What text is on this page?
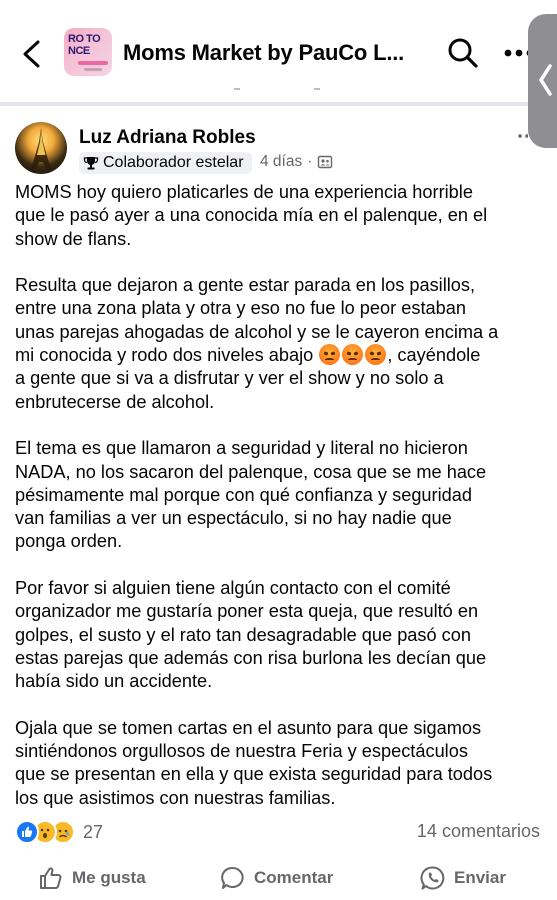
RO TO
NCE Moms Market by PauCo L...
Luz Adriana Robles
Colaborador estelar 4 días ·

MOMS hoy quiero platicarles de una experiencia horrible
que le pasó ayer a una conocida mía en el palenque, en el
show de flans.

Resulta que dejaron a gente estar parada en los pasillos,
entre una zona plata y otra y eso no fue lo peor estaban
unas parejas ahogadas de alcohol y se le cayeron encima a
mi conocida y rodo dos niveles abajo	, cayéndole
a gente que si va a disfrutar y ver el show y no solo a
enbrutecerse de alcohol.

El tema es que llamaron a seguridad y literal no hicieron
NADA, no los sacaron del palenque, cosa que se me hace
pésimamente mal porque con qué confianza y seguridad
van familias a ver un espectáculo, si no hay nadie que
ponga orden.

Por favor si alguien tiene algún contacto con el comité
organizador me gustaría poner esta queja, que resultó en
golpes, el susto y el rato tan desagradable que pasó con
estas parejas que además con risa burlona les decían que
había sido un accidente.

Ojala que se tomen cartas en el asunto para que sigamos
sintiéndonos orgullosos de nuestra Feria y espectáculos
que se presentan en ella y que exista seguridad para todos
los que asistimos con nuestras familias.

27	14 comentarios
Me gusta	Comentar	Enviar
